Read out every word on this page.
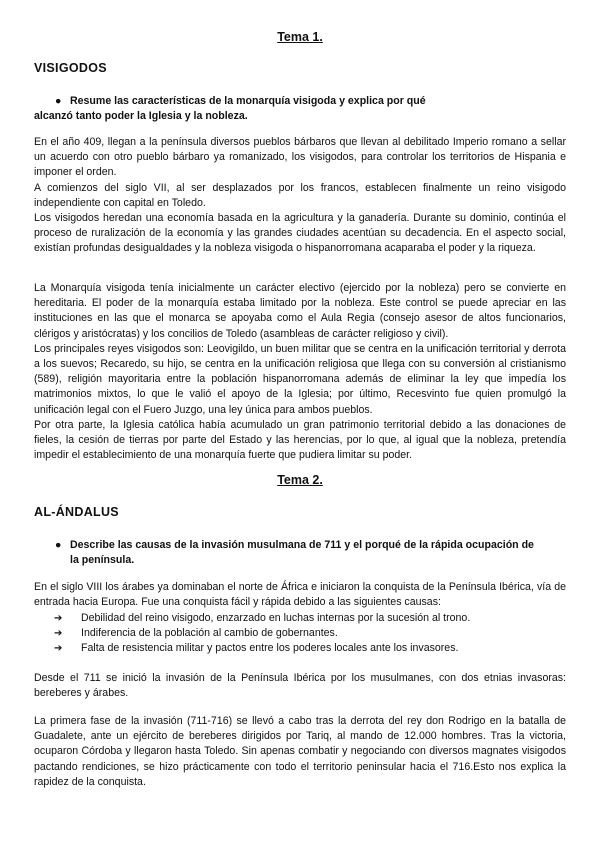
Tema 1.
VISIGODOS
● Resume las características de la monarquía visigoda y explica por qué
alcanzó tanto poder la Iglesia y la nobleza.

En el año 409, llegan a la península diversos pueblos bárbaros que llevan al debilitado Imperio romano a sellar un acuerdo con otro pueblo bárbaro ya romanizado, los visigodos, para controlar los territorios de Hispania e imponer el orden.

A comienzos del siglo VII, al ser desplazados por los francos, establecen finalmente un reino visigodo independiente con capital en Toledo.

Los visigodos heredan una economía basada en la agricultura y la ganadería. Durante su dominio, continúa el proceso de ruralización de la economía y las grandes ciudades acentúan su decadencia. En el aspecto social, existían profundas desigualdades y la nobleza visigoda o hispanorromana acaparaba el poder y la riqueza.

La Monarquía visigoda tenía inicialmente un carácter electivo (ejercido por la nobleza) pero se convierte en hereditaria. El poder de la monarquía estaba limitado por la nobleza. Este control se puede apreciar en las instituciones en las que el monarca se apoyaba como el Aula Regia (consejo asesor de altos funcionarios, clérigos y aristócratas) y los concilios de Toledo (asambleas de carácter religioso y civil).

Los principales reyes visigodos son: Leovigildo, un buen militar que se centra en la unificación territorial y derrota a los suevos; Recaredo, su hijo, se centra en la unificación religiosa que llega con su conversión al cristianismo (589), religión mayoritaria entre la población hispanorromana además de eliminar la ley que impedía los matrimonios mixtos, lo que le valió el apoyo de la Iglesia; por último, Recesvinto fue quien promulgó la unificación legal con el Fuero Juzgo, una ley única para ambos pueblos.

Por otra parte, la Iglesia católica había acumulado un gran patrimonio territorial debido a las donaciones de fieles, la cesión de tierras por parte del Estado y las herencias, por lo que, al igual que la nobleza, pretendía impedir el establecimiento de una monarquía fuerte que pudiera limitar su poder.

Tema 2.
AL-ÁNDALUS
● Describe las causas de la invasión musulmana de 711 y el porqué de la rápida ocupación de
la península.

En el siglo VIII los árabes ya dominaban el norte de África e iniciaron la conquista de la Península Ibérica, vía de entrada hacia Europa. Fue una conquista fácil y rápida debido a las siguientes causas:

➔ Debilidad del reino visigodo, enzarzado en luchas internas por la sucesión al trono.
➔ Indiferencia de la población al cambio de gobernantes.
➔ Falta de resistencia militar y pactos entre los poderes locales ante los invasores.

Desde el 711 se inició la invasión de la Península Ibérica por los musulmanes, con dos etnias invasoras: bereberes y árabes.

La primera fase de la invasión (711-716) se llevó a cabo tras la derrota del rey don Rodrigo en la batalla de Guadalete, ante un ejército de bereberes dirigidos por Tariq, al mando de 12.000 hombres. Tras la victoria, ocuparon Córdoba y llegaron hasta Toledo. Sin apenas combatir y negociando con diversos magnates visigodos pactando rendiciones, se hizo prácticamente con todo el territorio peninsular hacia el 716.Esto nos explica la rapidez de la conquista.
